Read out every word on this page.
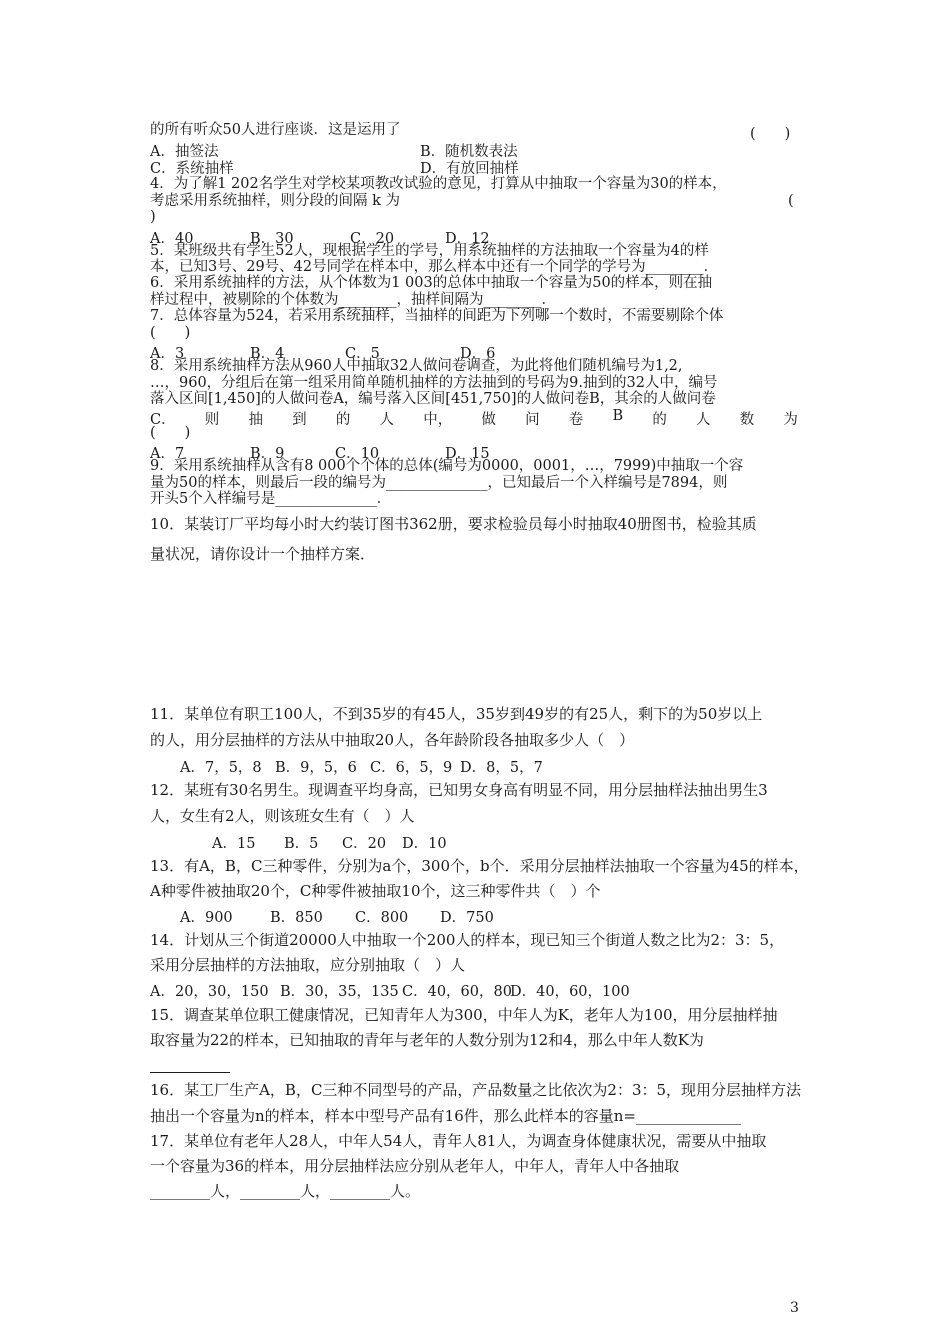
的所有听众50人进行座谈．这是运用了	(　　)
A．抽签法	B．随机数表法
C．系统抽样	D．有放回抽样
4．为了解1 202名学生对学校某项教改试验的意见，打算从中抽取一个容量为30的样本，
考虑采用系统抽样，则分段的间隔 k 为	(
)
A．40	B．30	C．20	D．12
5．某班级共有学生52人，现根据学生的学号，用系统抽样的方法抽取一个容量为4的样
本，已知3号、29号、42号同学在样本中，那么样本中还有一个同学的学号为________．
6．采用系统抽样的方法，从个体数为1 003的总体中抽取一个容量为50的样本，则在抽
样过程中，被剔除的个体数为________，抽样间隔为________．
7．总体容量为524，若采用系统抽样，当抽样的间距为下列哪一个数时，不需要剔除个体
(　　)
A．3	B．4	C．5	D．6
8．采用系统抽样方法从960人中抽取32人做问卷调查，为此将他们随机编号为1,2,
…，960，分组后在第一组采用简单随机抽样的方法抽到的号码为9.抽到的32人中，编号
落入区间[1,450]的人做问卷A，编号落入区间[451,750]的人做问卷B，其余的人做问卷
C． 则 抽 到 的 人 中， 做 问 卷 B 的 人 数 为
(　　)
A．7	B．9	C．10	D．15
9．采用系统抽样从含有8 000个个体的总体(编号为0000，0001，…，7999)中抽取一个容
量为50的样本，则最后一段的编号为______________，已知最后一个入样编号是7894，则
开头5个入样编号是______________．
10．某装订厂平均每小时大约装订图书362册，要求检验员每小时抽取40册图书，检验其质
量状况，请你设计一个抽样方案．
11．某单位有职工100人，不到35岁的有45人，35岁到49岁的有25人，剩下的为50岁以上
的人，用分层抽样的方法从中抽取20人，各年龄阶段各抽取多少人（　）
A．7，5，8 B．9，5，6 C．6，5，9 D．8，5，7
12．某班有30名男生。现调查平均身高，已知男女身高有明显不同，用分层抽样法抽出男生3
人，女生有2人，则该班女生有（　）人
A．15 B．5 C．20 D．10
13．有A，B，C三种零件，分别为a个，300个，b个．采用分层抽样法抽取一个容量为45的样本，
A种零件被抽取20个，C种零件被抽取10个，这三种零件共（　）个
A．900	B．850 C．800 D．750
14．计划从三个街道20000人中抽取一个200人的样本，现已知三个街道人数之比为2：3：5，
采用分层抽样的方法抽取，应分别抽取（　）人
A．20，30，150 B．30，35，135 C．40，60，80
D．40，60，100
15．调查某单位职工健康情况，已知青年人为300，中年人为K，老年人为100，用分层抽样抽
取容量为22的样本，已知抽取的青年与老年的人数分别为12和4，那么中年人数K为
16．某工厂生产A，B，C三种不同型号的产品，产品数量之比依次为2：3：5，现用分层抽样方法
抽出一个容量为n的样本，样本中型号产品有16件，那么此样本的容量n=______________
17．某单位有老年人28人，中年人54人，青年人81人，为调查身体健康状况，需要从中抽取
一个容量为36的样本，用分层抽样法应分别从老年人，中年人，青年人中各抽取
________人，________人，________人。
3
